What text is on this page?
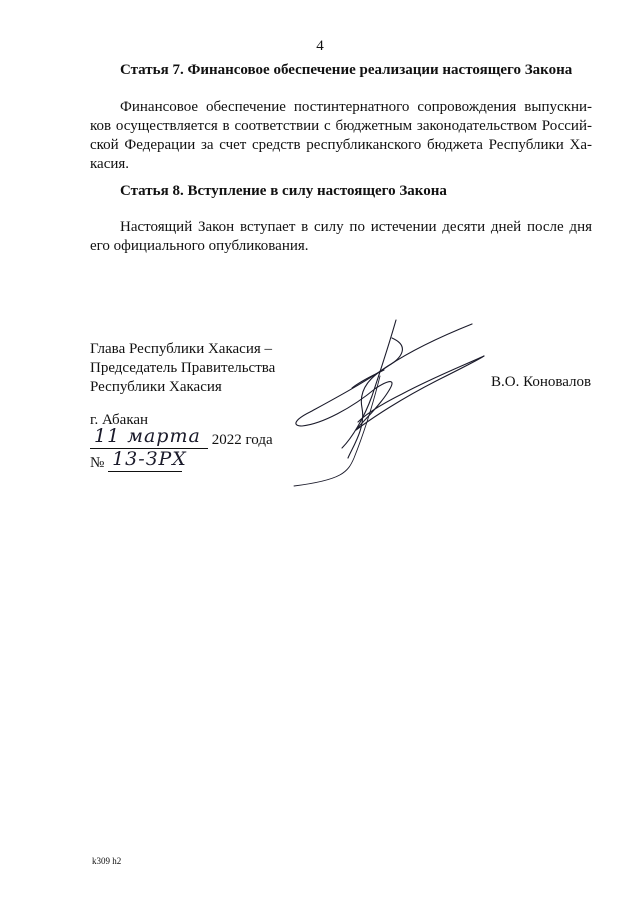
4
Статья 7. Финансовое обеспечение реализации настоящего Закона
Финансовое обеспечение постинтернатного сопровождения выпускни-
ков осуществляется в соответствии с бюджетным законодательством Россий-
ской Федерации за счет средств республиканского бюджета Республики Ха-
касия.
Статья 8. Вступление в силу настоящего Закона
Настоящий Закон вступает в силу по истечении десяти дней после дня
его официального опубликования.
Глава Республики Хакасия –
Председатель Правительства
Республики Хакасия	В.О. Коновалов
г. Абакан
11 марта 2022 года
№ 13-ЗРХ
k309 h2
